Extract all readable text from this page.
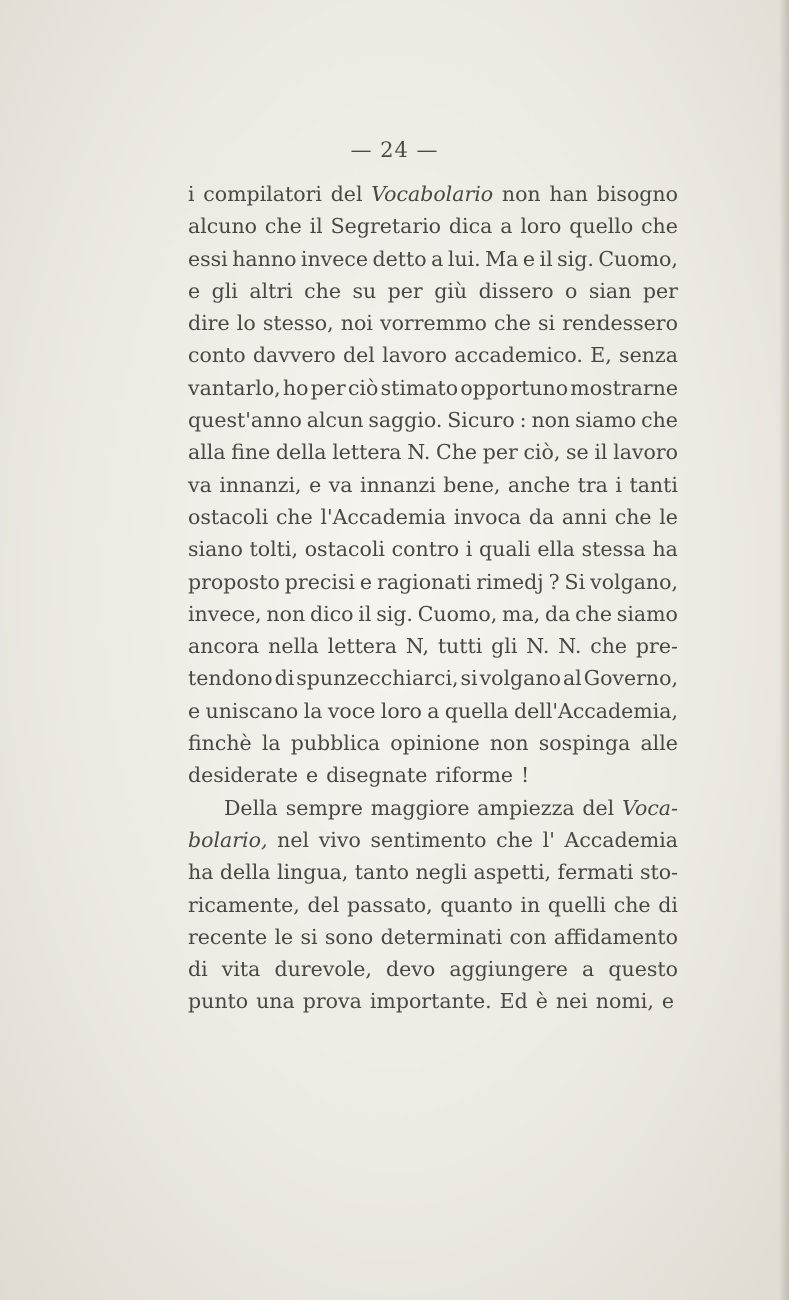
— 24 —
i compilatori del Vocabolario non han bisogno
alcuno che il Segretario dica a loro quello che
essi hanno invece detto a lui. Ma e il sig. Cuomo,
e gli altri che su per giù dissero o sian per
dire lo stesso, noi vorremmo che si rendessero
conto davvero del lavoro accademico. E, senza
vantarlo, ho per ciò stimato opportuno mostrarne
quest'anno alcun saggio. Sicuro : non siamo che
alla fine della lettera N. Che per ciò, se il lavoro
va innanzi, e va innanzi bene, anche tra i tanti
ostacoli che l'Accademia invoca da anni che le
siano tolti, ostacoli contro i quali ella stessa ha
proposto precisi e ragionati rimedj ? Si volgano,
invece, non dico il sig. Cuomo, ma, da che siamo
ancora nella lettera N, tutti gli N. N. che pre-
tendono di spunzecchiarci, si volgano al Governo,
e uniscano la voce loro a quella dell'Accademia,
finchè la pubblica opinione non sospinga alle
desiderate e disegnate riforme !
Della sempre maggiore ampiezza del Voca-
bolario, nel vivo sentimento che l' Accademia
ha della lingua, tanto negli aspetti, fermati sto-
ricamente, del passato, quanto in quelli che di
recente le si sono determinati con affidamento
di vita durevole, devo aggiungere a questo
punto una prova importante. Ed è nei nomi, e
